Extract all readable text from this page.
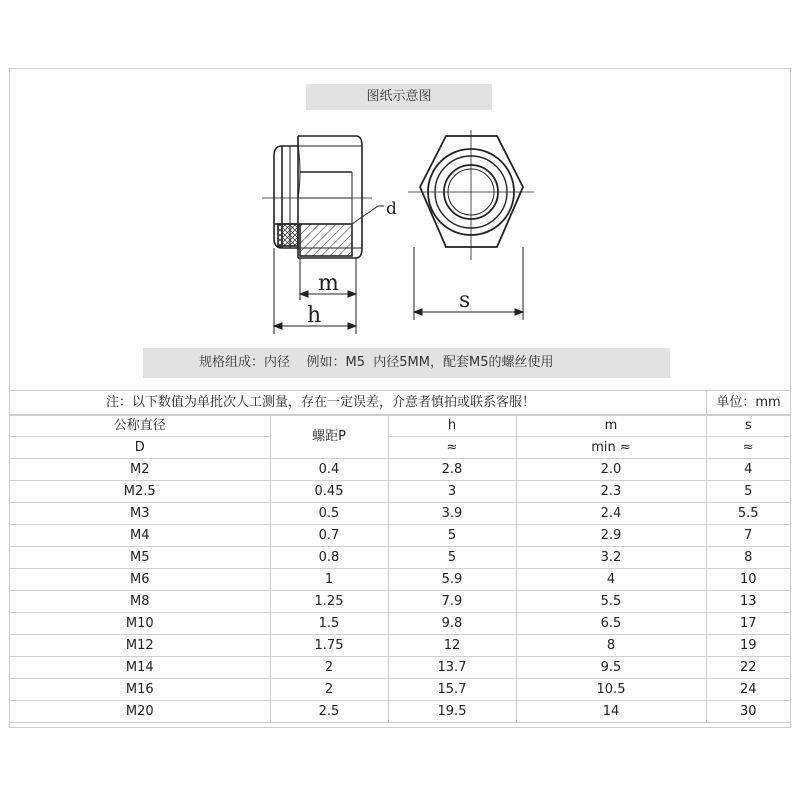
图纸示意图
m
h
d
s
规格组成：内径    例如：M5  内径5MM，配套M5的螺丝使用
注：以下数值为单批次人工测量，存在一定误差，介意者慎拍或联系客服！	单位：mm
公称直径	螺距P	h	m	s
D		≈	min ≈	≈
M2	0.4	2.8	2.0	4
M2.5	0.45	3	2.3	5
M3	0.5	3.9	2.4	5.5
M4	0.7	5	2.9	7
M5	0.8	5	3.2	8
M6	1	5.9	4	10
M8	1.25	7.9	5.5	13
M10	1.5	9.8	6.5	17
M12	1.75	12	8	19
M14	2	13.7	9.5	22
M16	2	15.7	10.5	24
M20	2.5	19.5	14	30
